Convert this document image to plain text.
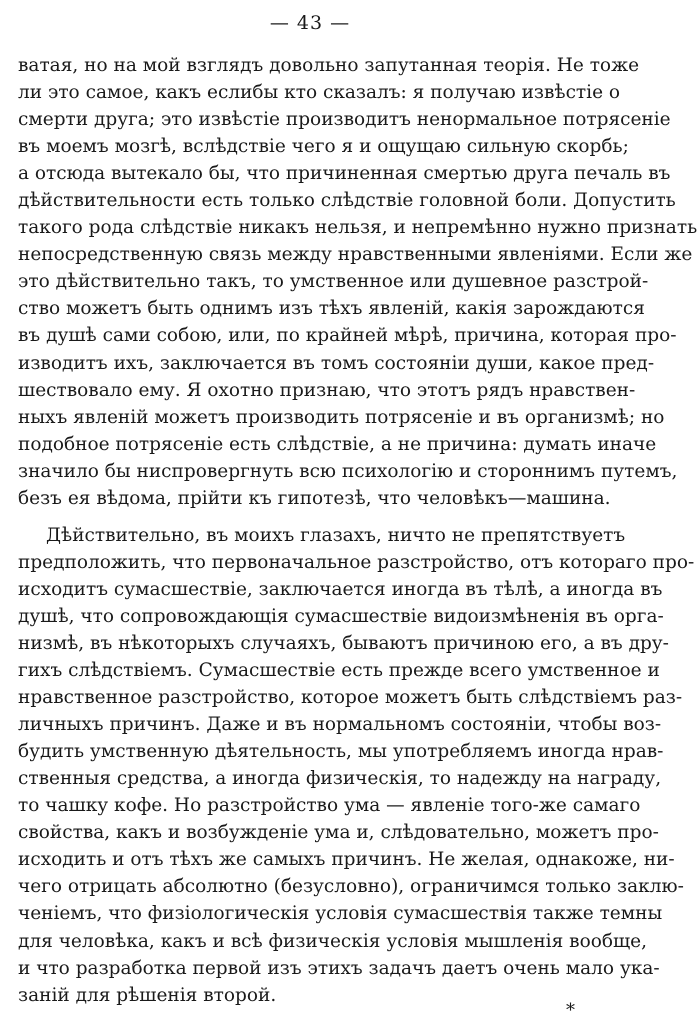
— 43 —
ватая, но на мой взглядъ довольно запутанная теорія. Не тоже
ли это самое, какъ еслибы кто сказалъ: я получаю извѣстіе о
смерти друга; это извѣстіе производитъ ненормальное потрясеніе
въ моемъ мозгѣ, вслѣдствіе чего я и ощущаю сильную скорбь;
а отсюда вытекало бы, что причиненная смертью друга печаль въ
дѣйствительности есть только слѣдствіе головной боли. Допустить
такого рода слѣдствіе никакъ нельзя, и непремѣнно нужно признать
непосредственную связь между нравственными явленіями. Если же
это дѣйствительно такъ, то умственное или душевное разстрой-
ство можетъ быть однимъ изъ тѣхъ явленій, какія зарождаются
въ душѣ сами собою, или, по крайней мѣрѣ, причина, которая про-
изводитъ ихъ, заключается въ томъ состояніи души, какое пред-
шествовало ему. Я охотно признаю, что этотъ рядъ нравствен-
ныхъ явленій можетъ производить потрясеніе и въ организмѣ; но
подобное потрясеніе есть слѣдствіе, а не причина: думать иначе
значило бы ниспровергнуть всю психологію и стороннимъ путемъ,
безъ ея вѣдома, прійти къ гипотезѣ, что человѣкъ—машина.
Дѣйствительно, въ моихъ глазахъ, ничто не препятствуетъ
предположить, что первоначальное разстройство, отъ котораго про-
исходитъ сумасшествіе, заключается иногда въ тѣлѣ, а иногда въ
душѣ, что сопровождающія сумасшествіе видоизмѣненія въ орга-
низмѣ, въ нѣкоторыхъ случаяхъ, бываютъ причиною его, а въ дру-
гихъ слѣдствіемъ. Сумасшествіе есть прежде всего умственное и
нравственное разстройство, которое можетъ быть слѣдствіемъ раз-
личныхъ причинъ. Даже и въ нормальномъ состояніи, чтобы воз-
будить умственную дѣятельность, мы употребляемъ иногда нрав-
ственныя средства, а иногда физическія, то надежду на награду,
то чашку кофе. Но разстройство ума — явленіе того-же самаго
свойства, какъ и возбужденіе ума и, слѣдовательно, можетъ про-
исходить и отъ тѣхъ же самыхъ причинъ. Не желая, однакоже, ни-
чего отрицать абсолютно (безусловно), ограничимся только заклю-
ченіемъ, что физіологическія условія сумасшествія также темны
для человѣка, какъ и всѣ физическія условія мышленія вообще,
и что разработка первой изъ этихъ задачъ даетъ очень мало ука-
заній для рѣшенія второй.
*
